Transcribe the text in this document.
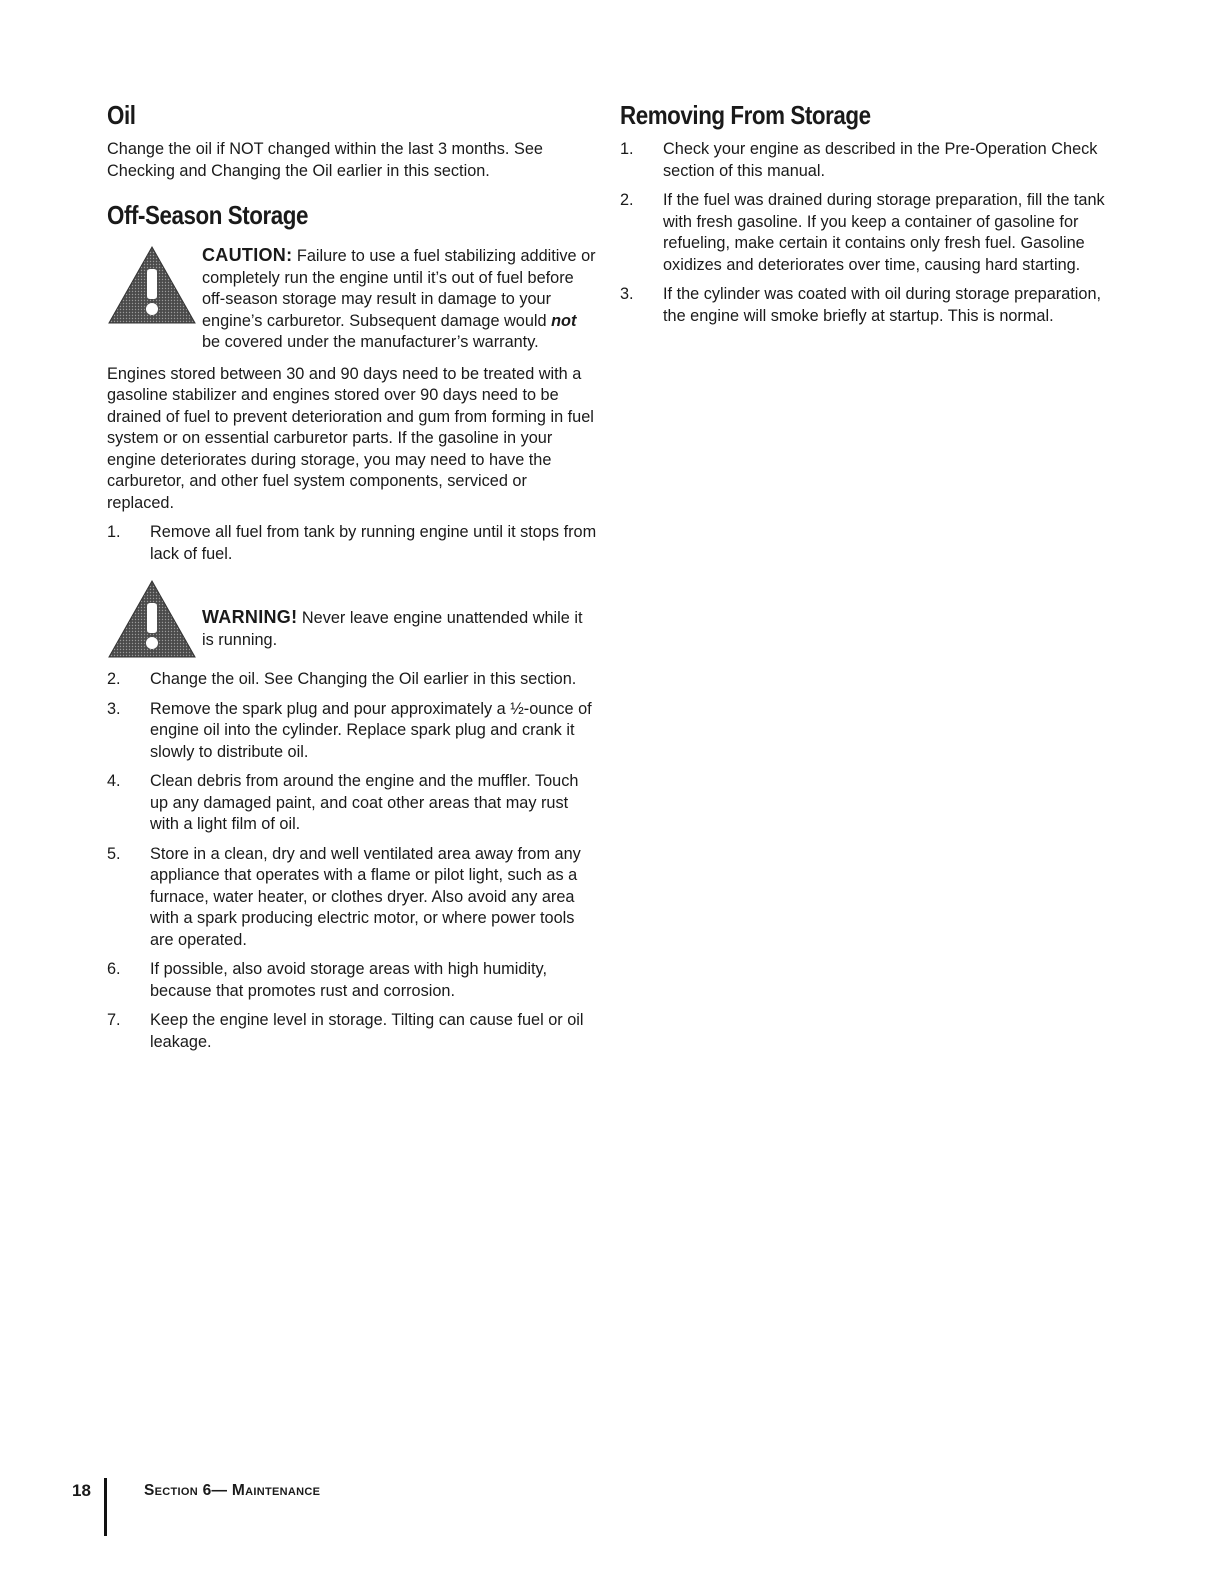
Oil

Change the oil if NOT changed within the last 3 months. See Checking and Changing the Oil earlier in this section.

Off-Season Storage
CAUTION: Failure to use a fuel stabilizing additive or completely run the engine until it’s out of fuel before off-season storage may result in damage to your engine’s carburetor. Subsequent damage would not be covered under the manufacturer’s warranty.

Engines stored between 30 and 90 days need to be treated with a gasoline stabilizer and engines stored over 90 days need to be drained of fuel to prevent deterioration and gum from forming in fuel system or on essential carburetor parts. If the gasoline in your engine deteriorates during storage, you may need to have the carburetor, and other fuel system components, serviced or replaced.

1. Remove all fuel from tank by running engine until it stops from lack of fuel.
WARNING! Never leave engine unattended while it is running.
2. Change the oil. See Changing the Oil earlier in this section.
3. Remove the spark plug and pour approximately a ½-ounce of engine oil into the cylinder. Replace spark plug and crank it slowly to distribute oil.
4. Clean debris from around the engine and the muffler. Touch up any damaged paint, and coat other areas that may rust with a light film of oil.
5. Store in a clean, dry and well ventilated area away from any appliance that operates with a flame or pilot light, such as a furnace, water heater, or clothes dryer. Also avoid any area with a spark producing electric motor, or where power tools are operated.
6. If possible, also avoid storage areas with high humidity, because that promotes rust and corrosion.
7. Keep the engine level in storage. Tilting can cause fuel or oil leakage.
Removing From Storage
1. Check your engine as described in the Pre-Operation Check section of this manual.
2. If the fuel was drained during storage preparation, fill the tank with fresh gasoline. If you keep a container of gasoline for refueling, make certain it contains only fresh fuel. Gasoline oxidizes and deteriorates over time, causing hard starting.
3. If the cylinder was coated with oil during storage preparation, the engine will smoke briefly at startup. This is normal.
18	Section 6— Maintenance
